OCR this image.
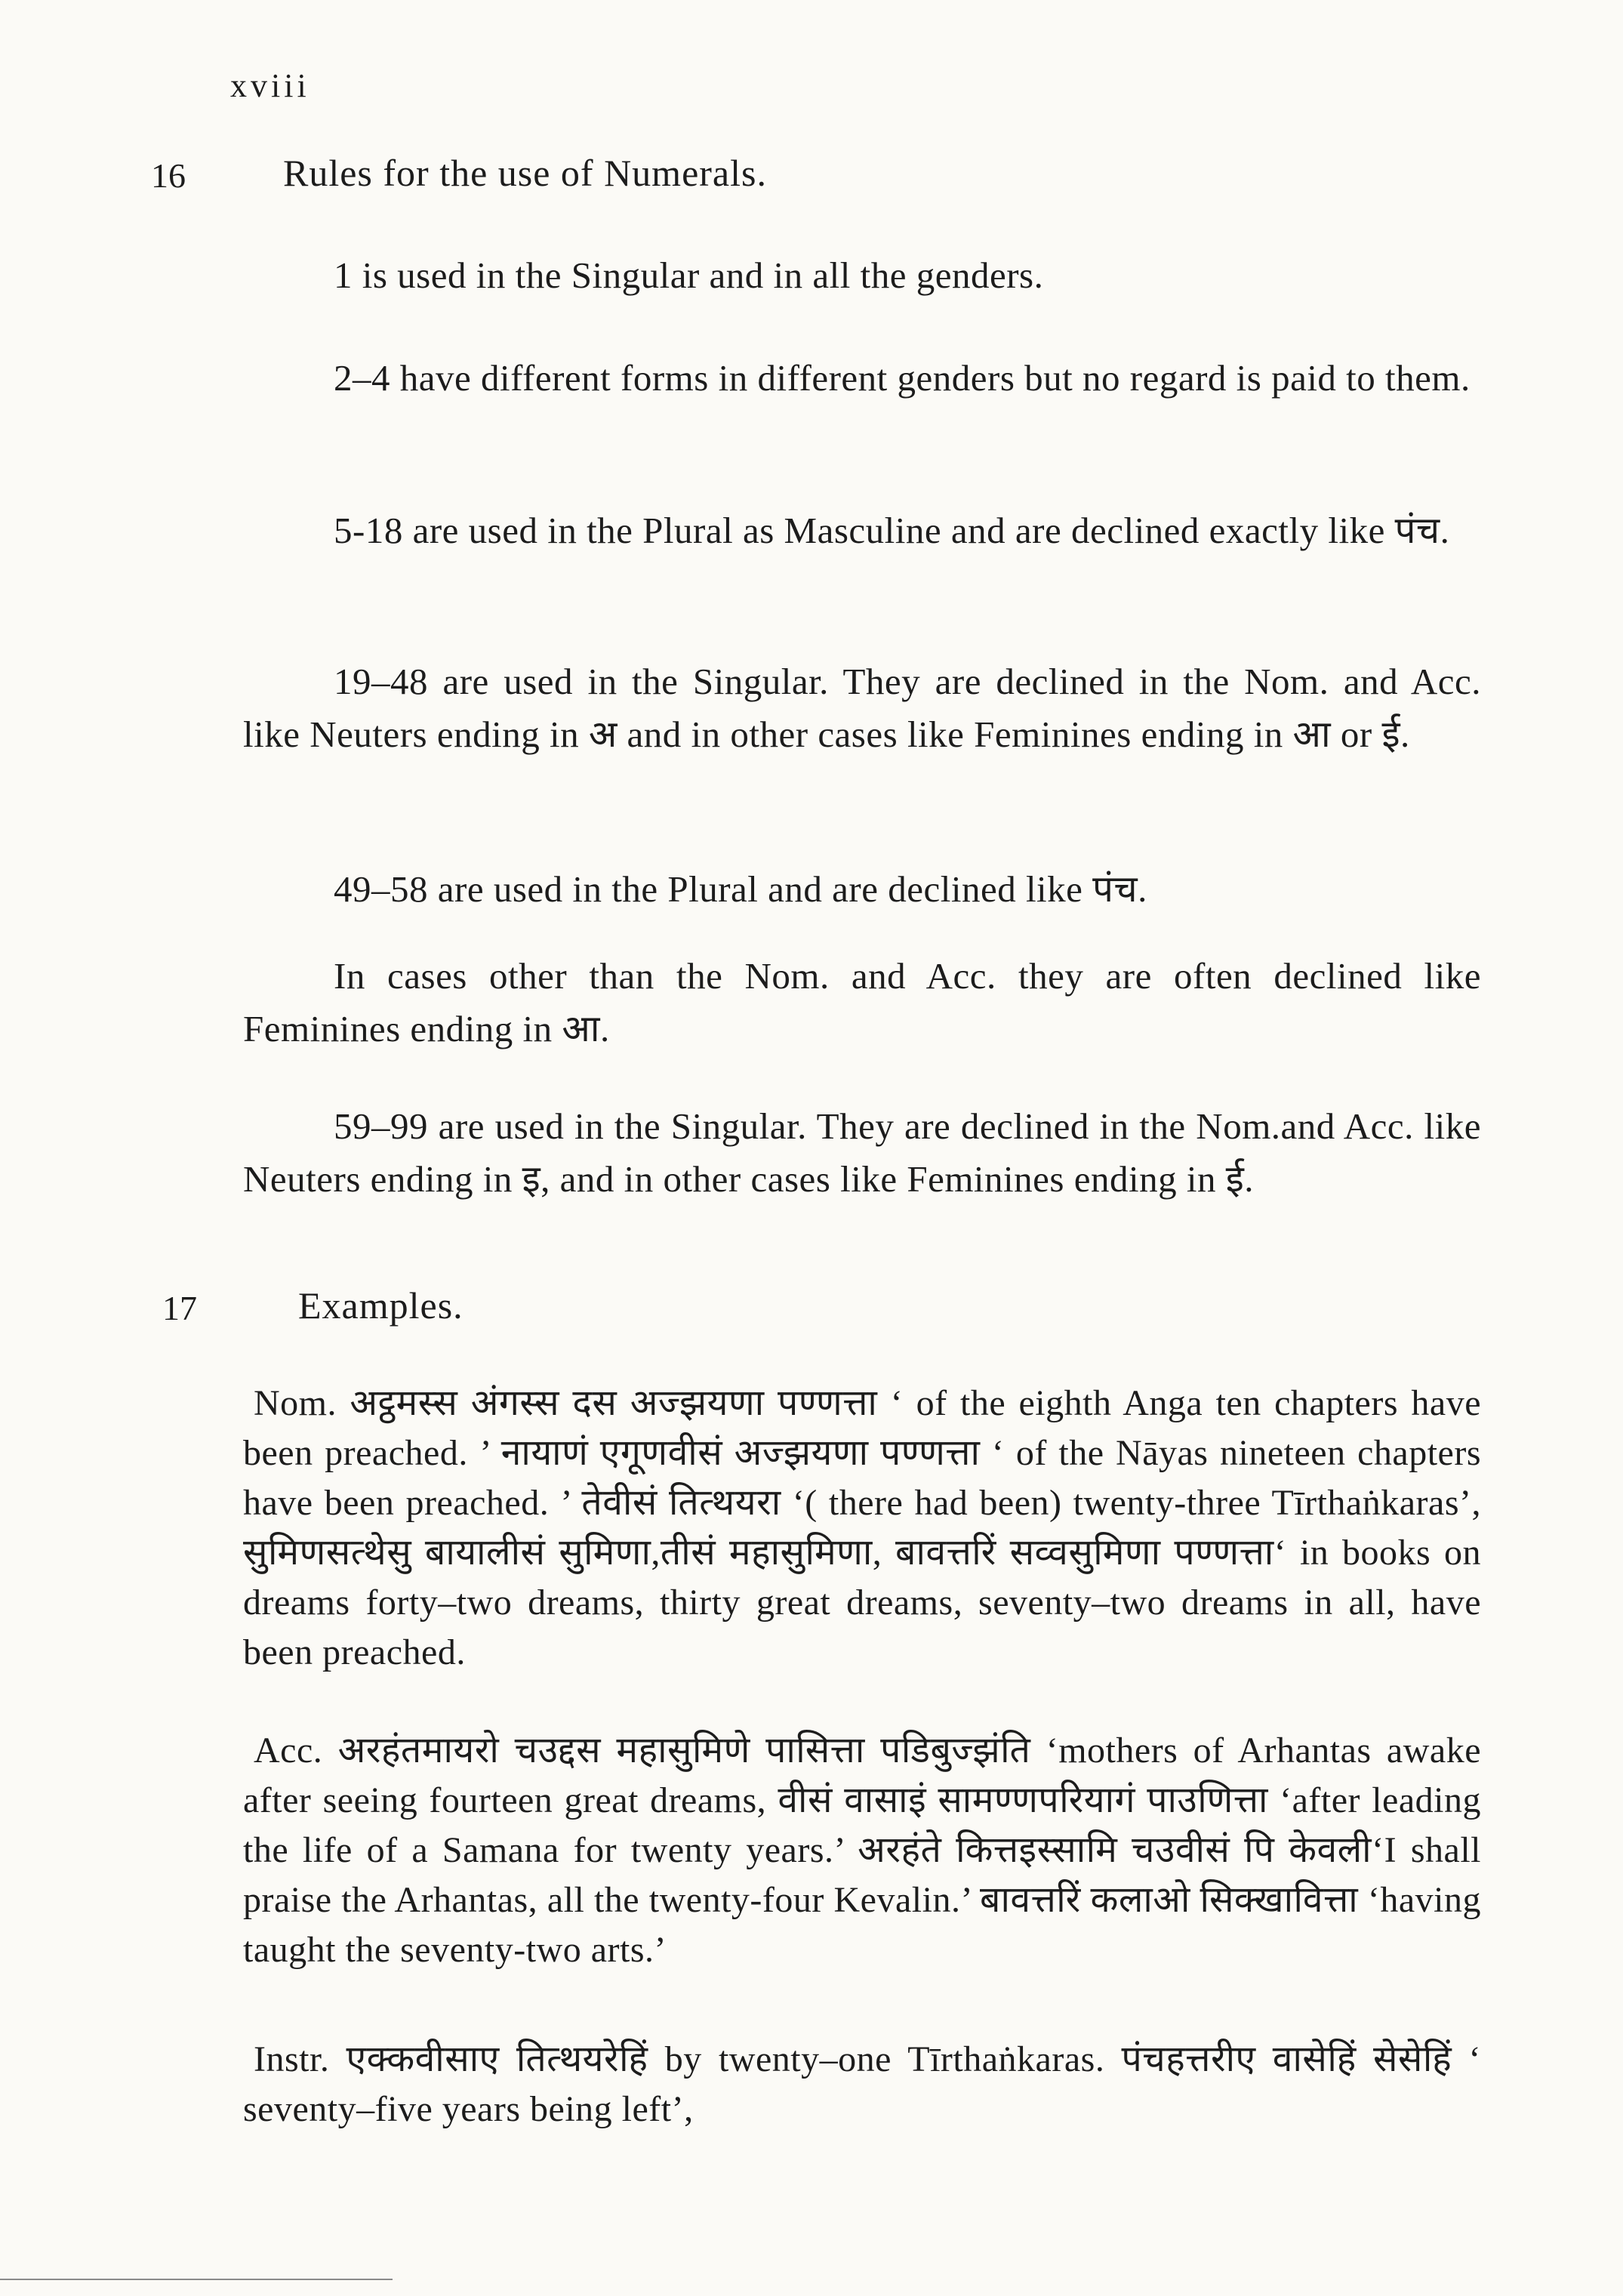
xviii
16	Rules for the use of Numerals.
1 is used in the Singular and in all the genders.
2–4 have different forms in different genders but no regard is paid to them.
5-18 are used in the Plural as Masculine and are declined exactly like पंच.
19–48 are used in the Singular. They are declined in the Nom. and Acc. like Neuters ending in अ and in other cases like Feminines ending in आ or ई.
49–58 are used in the Plural and are declined like पंच.
In cases other than the Nom. and Acc. they are often declined like Feminines ending in आ.
59–99 are used in the Singular. They are declined in the Nom.and Acc. like Neuters ending in इ, and in other cases like Feminines ending in ई.
17	Examples.
Nom. अट्ठमस्स अंगस्स दस अज्झयणा पण्णत्ता ‘ of the eighth Anga ten chapters have been preached. ’ नायाणं एगूणवीसं अज्झयणा पण्णत्ता ‘ of the Nāyas nineteen chapters have been preached. ’ तेवीसं तित्थयरा ‘( there had been) twenty-three Tīrthaṅkaras’, सुमिणसत्थेसु बायालीसं सुमिणा,तीसं महासुमिणा, बावत्तरिं सव्वसुमिणा पण्णत्ता‘ in books on dreams forty–two dreams, thirty great dreams, seventy–two dreams in all, have been preached.
Acc. अरहंतमायरो चउद्दस महासुमिणे पासित्ता पडिबुज्झंति ‘mothers of Arhantas awake after seeing fourteen great dreams, वीसं वासाइं सामण्णपरियागं पाउणित्ता ‘after leading the life of a Samana for twenty years.’ अरहंते कित्तइस्सामि चउवीसं पि केवली‘I shall praise the Arhantas, all the twenty-four Kevalin.’ बावत्तरिं कलाओ सिक्खावित्ता ‘having taught the seventy-two arts.’
Instr. एक्कवीसाए तित्थयरेहिं by twenty–one Tīrthaṅkaras. पंचहत्तरीए वासेहिं सेसेहिं ‘ seventy–five years being left’,
